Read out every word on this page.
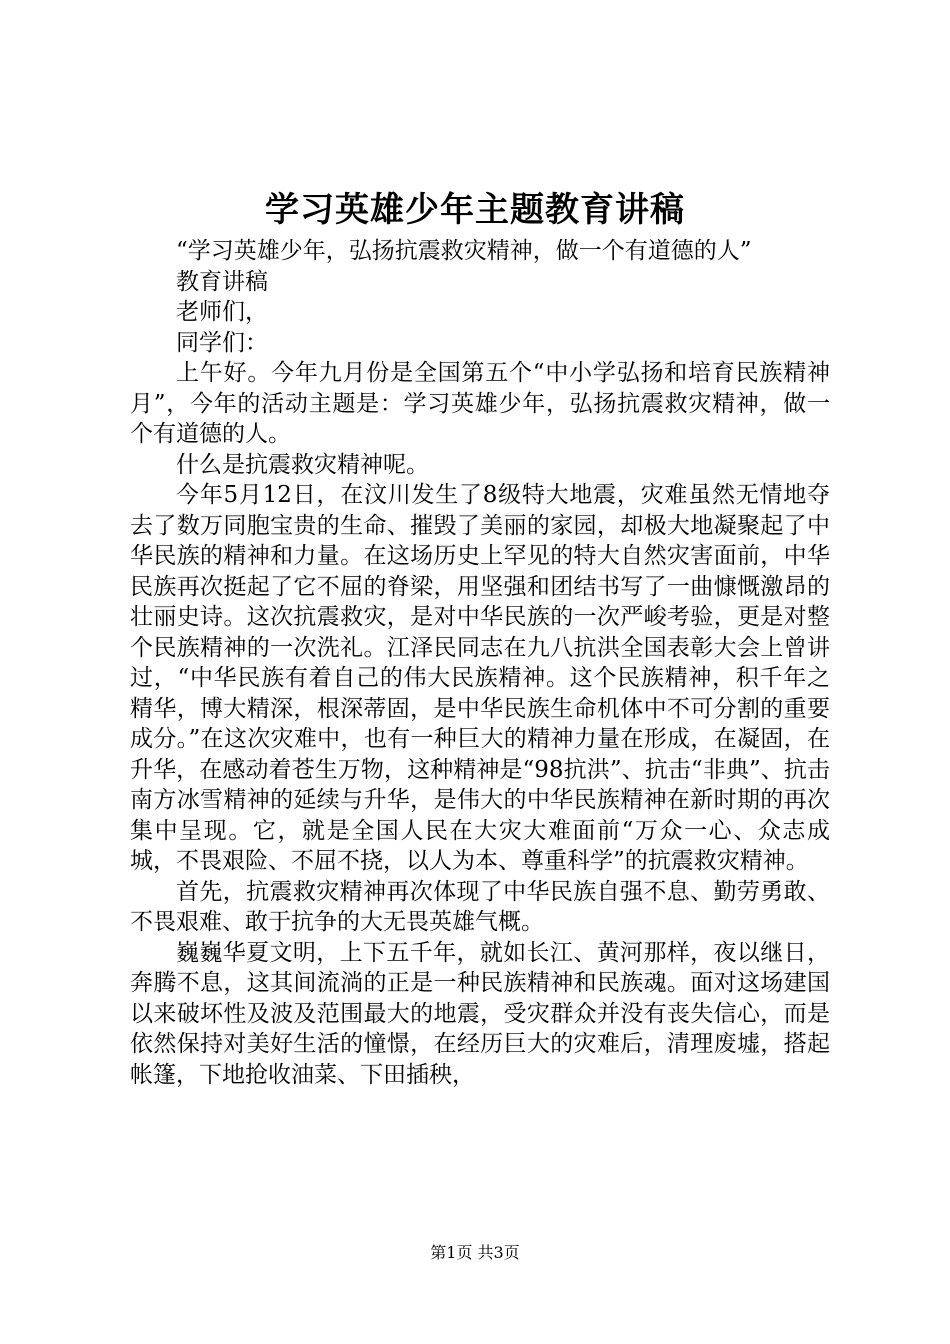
学习英雄少年主题教育讲稿

“学习英雄少年，弘扬抗震救灾精神，做一个有道德的人”

教育讲稿

老师们，

同学们：

上午好。今年九月份是全国第五个“中小学弘扬和培育民族精神月”，今年的活动主题是：学习英雄少年，弘扬抗震救灾精神，做一个有道德的人。

什么是抗震救灾精神呢。

今年5月12日，在汶川发生了8级特大地震，灾难虽然无情地夺去了数万同胞宝贵的生命、摧毁了美丽的家园，却极大地凝聚起了中华民族的精神和力量。在这场历史上罕见的特大自然灾害面前，中华民族再次挺起了它不屈的脊梁，用坚强和团结书写了一曲慷慨激昂的壮丽史诗。这次抗震救灾，是对中华民族的一次严峻考验，更是对整个民族精神的一次洗礼。江泽民同志在九八抗洪全国表彰大会上曾讲过，“中华民族有着自己的伟大民族精神。这个民族精神，积千年之精华，博大精深，根深蒂固，是中华民族生命机体中不可分割的重要成分。”在这次灾难中，也有一种巨大的精神力量在形成，在凝固，在升华，在感动着苍生万物，这种精神是“98抗洪”、抗击“非典”、抗击南方冰雪精神的延续与升华，是伟大的中华民族精神在新时期的再次集中呈现。它，就是全国人民在大灾大难面前“万众一心、众志成城，不畏艰险、不屈不挠，以人为本、尊重科学”的抗震救灾精神。

首先，抗震救灾精神再次体现了中华民族自强不息、勤劳勇敢、不畏艰难、敢于抗争的大无畏英雄气概。

巍巍华夏文明，上下五千年，就如长江、黄河那样，夜以继日，奔腾不息，这其间流淌的正是一种民族精神和民族魂。面对这场建国以来破坏性及波及范围最大的地震，受灾群众并没有丧失信心，而是依然保持对美好生活的憧憬，在经历巨大的灾难后，清理废墟，搭起帐篷，下地抢收油菜、下田插秧，

第1页 共3页
